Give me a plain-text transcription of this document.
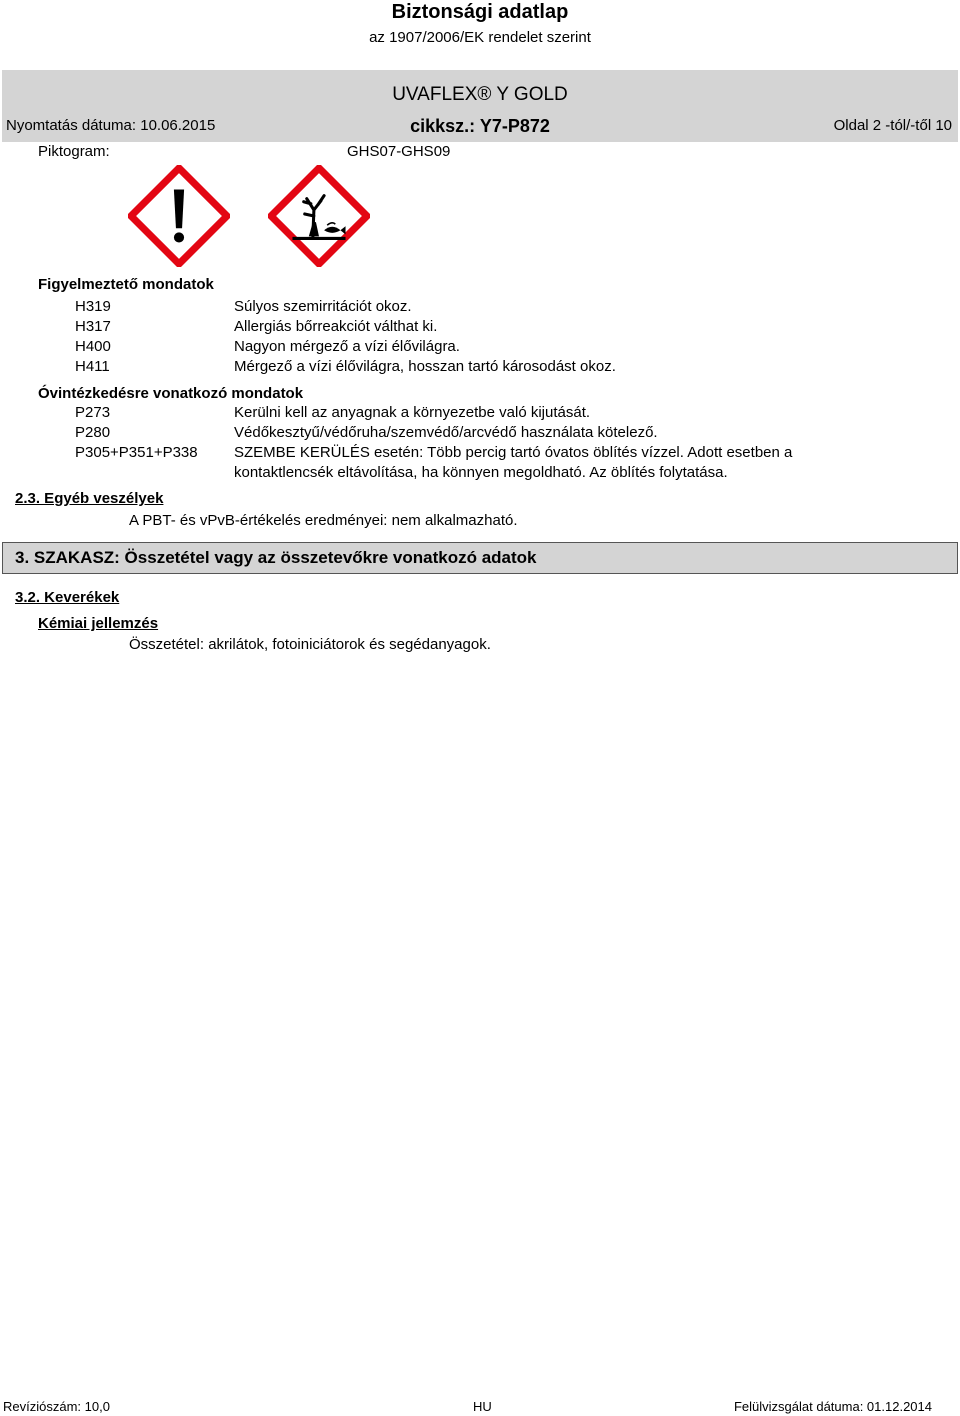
Biztonsági adatlap
az 1907/2006/EK rendelet szerint
UVAFLEX® Y GOLD
Nyomtatás dátuma: 10.06.2015	cikksz.: Y7-P872	Oldal 2 -tól/-től 10
Piktogram:	GHS07-GHS09
Figyelmeztető mondatok
H319	Súlyos szemirritációt okoz.
H317	Allergiás bőrreakciót válthat ki.
H400	Nagyon mérgező a vízi élővilágra.
H411	Mérgező a vízi élővilágra, hosszan tartó károsodást okoz.
Óvintézkedésre vonatkozó mondatok
P273	Kerülni kell az anyagnak a környezetbe való kijutását.
P280	Védőkesztyű/védőruha/szemvédő/arcvédő használata kötelező.
P305+P351+P338 SZEMBE KERÜLÉS esetén: Több percig tartó óvatos öblítés vízzel. Adott esetben a
kontaktlencsék eltávolítása, ha könnyen megoldható. Az öblítés folytatása.
2.3. Egyéb veszélyek
A PBT- és vPvB-értékelés eredményei: nem alkalmazható.
3. SZAKASZ: Összetétel vagy az összetevőkre vonatkozó adatok
3.2. Keverékek
Kémiai jellemzés
Összetétel: akrilátok, fotoiniciátorok és segédanyagok.
Revíziószám: 10,0	HU	Felülvizsgálat dátuma: 01.12.2014
